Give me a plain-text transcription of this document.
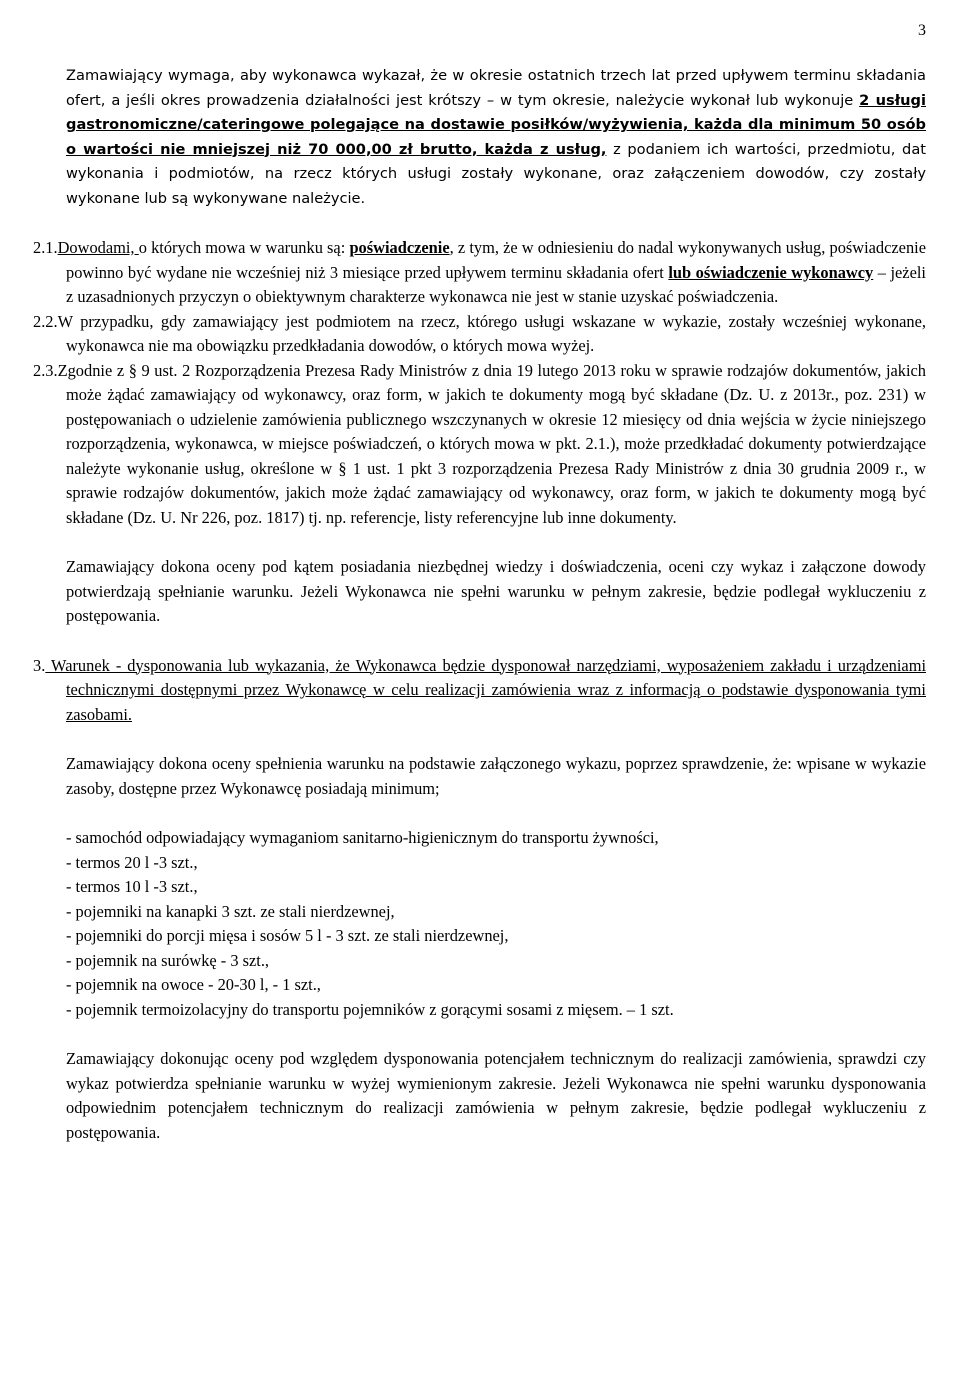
3

Zamawiający wymaga, aby wykonawca wykazał, że w okresie ostatnich trzech lat przed upływem terminu składania ofert, a jeśli okres prowadzenia działalności jest krótszy – w tym okresie, należycie wykonał lub wykonuje 2 usługi gastronomiczne/cateringowe polegające na dostawie posiłków/wyżywienia, każda dla minimum 50 osób o wartości nie mniejszej niż 70 000,00 zł brutto, każda z usług, z podaniem ich wartości, przedmiotu, dat wykonania i podmiotów, na rzecz których usługi zostały wykonane, oraz załączeniem dowodów, czy zostały wykonane lub są wykonywane należycie.

2.1.Dowodami, o których mowa w warunku są: poświadczenie, z tym, że w odniesieniu do nadal wykonywanych usług, poświadczenie powinno być wydane nie wcześniej niż 3 miesiące przed upływem terminu składania ofert lub oświadczenie wykonawcy – jeżeli z uzasadnionych przyczyn o obiektywnym charakterze wykonawca nie jest w stanie uzyskać poświadczenia.

2.2.W przypadku, gdy zamawiający jest podmiotem na rzecz, którego usługi wskazane w wykazie, zostały wcześniej wykonane, wykonawca nie ma obowiązku przedkładania dowodów, o których mowa wyżej.

2.3.Zgodnie z § 9 ust. 2 Rozporządzenia Prezesa Rady Ministrów z dnia 19 lutego 2013 roku w sprawie rodzajów dokumentów, jakich może żądać zamawiający od wykonawcy, oraz form, w jakich te dokumenty mogą być składane (Dz. U. z 2013r., poz. 231) w postępowaniach o udzielenie zamówienia publicznego wszczynanych w okresie 12 miesięcy od dnia wejścia w życie niniejszego rozporządzenia, wykonawca, w miejsce poświadczeń, o których mowa w pkt. 2.1.), może przedkładać dokumenty potwierdzające należyte wykonanie usług, określone w § 1 ust. 1 pkt 3 rozporządzenia Prezesa Rady Ministrów z dnia 30 grudnia 2009 r., w sprawie rodzajów dokumentów, jakich może żądać zamawiający od wykonawcy, oraz form, w jakich te dokumenty mogą być składane (Dz. U. Nr 226, poz. 1817) tj. np. referencje, listy referencyjne lub inne dokumenty.

Zamawiający dokona oceny pod kątem posiadania niezbędnej wiedzy i doświadczenia, oceni czy wykaz i załączone dowody potwierdzają spełnianie warunku. Jeżeli Wykonawca nie spełni warunku w pełnym zakresie, będzie podlegał wykluczeniu z postępowania.

3. Warunek - dysponowania lub wykazania, że Wykonawca będzie dysponował narzędziami, wyposażeniem zakładu i urządzeniami technicznymi dostępnymi przez Wykonawcę w celu realizacji zamówienia wraz z informacją o podstawie dysponowania tymi zasobami.

Zamawiający dokona oceny spełnienia warunku na podstawie załączonego wykazu, poprzez sprawdzenie, że: wpisane w wykazie zasoby, dostępne przez Wykonawcę posiadają minimum;

- samochód odpowiadający wymaganiom sanitarno-higienicznym do transportu żywności,

- termos 20 l -3 szt.,

- termos 10 l -3 szt.,

- pojemniki na kanapki 3 szt. ze stali nierdzewnej,

- pojemniki do porcji mięsa i sosów 5 l - 3 szt. ze stali nierdzewnej,

- pojemnik na surówkę - 3 szt.,

- pojemnik na owoce - 20-30 l, - 1 szt.,

- pojemnik termoizolacyjny do transportu pojemników z gorącymi sosami z mięsem. – 1 szt.

Zamawiający dokonując oceny pod względem dysponowania potencjałem technicznym do realizacji zamówienia, sprawdzi czy wykaz potwierdza spełnianie warunku w wyżej wymienionym zakresie. Jeżeli Wykonawca nie spełni warunku dysponowania odpowiednim potencjałem technicznym do realizacji zamówienia w pełnym zakresie, będzie podlegał wykluczeniu z postępowania.
